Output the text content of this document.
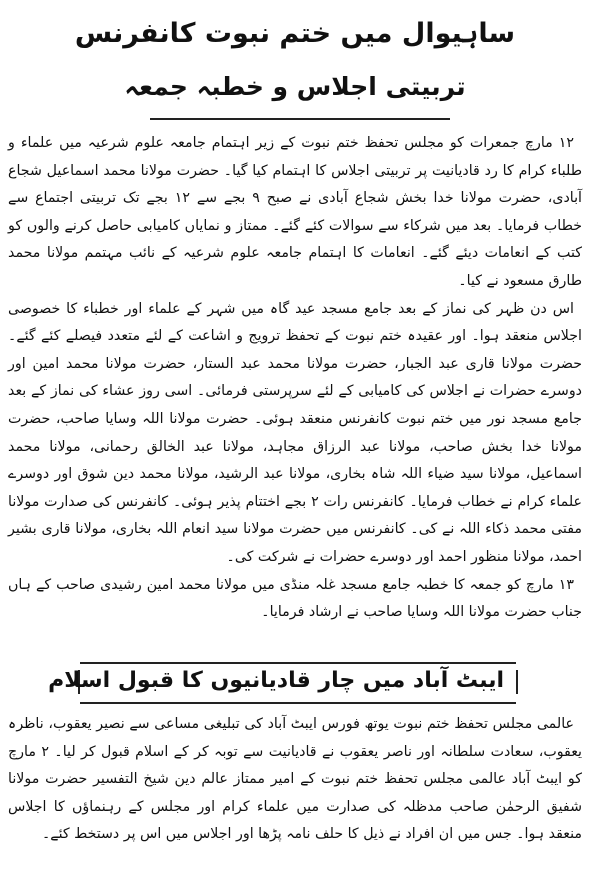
ساہیوال میں ختم نبوت کانفرنس
تربیتی اجلاس و خطبہ جمعہ

۱۲ مارچ جمعرات کو مجلس تحفظ ختم نبوت کے زیر اہتمام جامعہ علوم شرعیہ میں علماء و طلباء کرام کا رد قادیانیت پر تربیتی اجلاس کا اہتمام کیا گیا۔ حضرت مولانا محمد اسماعیل شجاع آبادی، حضرت مولانا خدا بخش شجاع آبادی نے صبح ۹ بجے سے ۱۲ بجے تک تربیتی اجتماع سے خطاب فرمایا۔ بعد میں شرکاء سے سوالات کئے گئے۔ ممتاز و نمایاں کامیابی حاصل کرنے والوں کو کتب کے انعامات دیئے گئے۔ انعامات کا اہتمام جامعہ علوم شرعیہ کے نائب مہتمم مولانا محمد طارق مسعود نے کیا۔

اس دن ظہر کی نماز کے بعد جامع مسجد عید گاہ میں شہر کے علماء اور خطباء کا خصوصی اجلاس منعقد ہوا۔ اور عقیدہ ختم نبوت کے تحفظ ترویج و اشاعت کے لئے متعدد فیصلے کئے گئے۔ حضرت مولانا قاری عبد الجبار، حضرت مولانا محمد عبد الستار، حضرت مولانا محمد امین اور دوسرے حضرات نے اجلاس کی کامیابی کے لئے سرپرستی فرمائی۔ اسی روز عشاء کی نماز کے بعد جامع مسجد نور میں ختم نبوت کانفرنس منعقد ہوئی۔ حضرت مولانا اللہ وسایا صاحب، حضرت مولانا خدا بخش صاحب، مولانا عبد الرزاق مجاہد، مولانا عبد الخالق رحمانی، مولانا محمد اسماعیل، مولانا سید ضیاء اللہ شاہ بخاری، مولانا عبد الرشید، مولانا محمد دین شوق اور دوسرے علماء کرام نے خطاب فرمایا۔ کانفرنس رات ۲ بجے اختتام پذیر ہوئی۔ کانفرنس کی صدارت مولانا مفتی محمد ذکاء اللہ نے کی۔ کانفرنس میں حضرت مولانا سید انعام اللہ بخاری، مولانا قاری بشیر احمد، مولانا منظور احمد اور دوسرے حضرات نے شرکت کی۔

۱۳ مارچ کو جمعہ کا خطبہ جامع مسجد غلہ منڈی میں مولانا محمد امین رشیدی صاحب کے ہاں جناب حضرت مولانا اللہ وسایا صاحب نے ارشاد فرمایا۔

ایبٹ آباد میں چار قادیانیوں کا قبول اسلام

عالمی مجلس تحفظ ختم نبوت یوتھ فورس ایبٹ آباد کی تبلیغی مساعی سے نصیر یعقوب، ناظرہ یعقوب، سعادت سلطانہ اور ناصر یعقوب نے قادیانیت سے توبہ کر کے اسلام قبول کر لیا۔ ۲ مارچ کو ایبٹ آباد عالمی مجلس تحفظ ختم نبوت کے امیر ممتاز عالم دین شیخ التفسیر حضرت مولانا شفیق الرحمٰن صاحب مدظلہ کی صدارت میں علماء کرام اور مجلس کے رہنماؤں کا اجلاس منعقد ہوا۔ جس میں ان افراد نے ذیل کا حلف نامہ پڑھا اور اجلاس میں اس پر دستخط کئے۔
